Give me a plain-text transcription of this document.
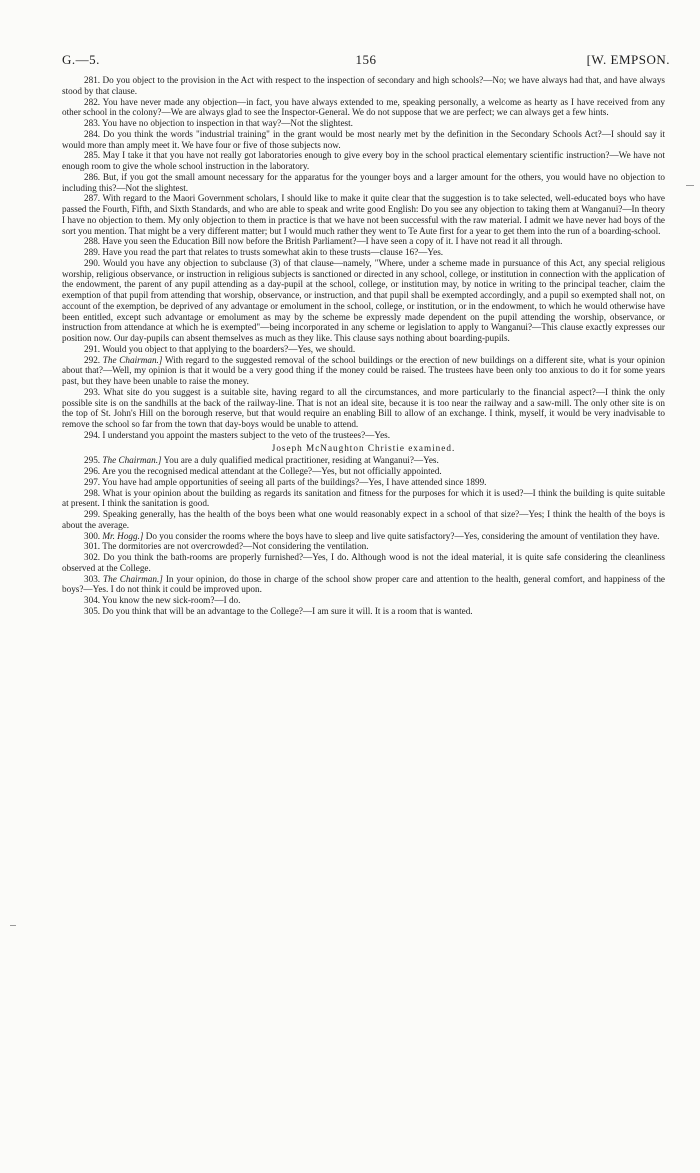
G.—5.	156	[W. EMPSON.

281. Do you object to the provision in the Act with respect to the inspection of secondary and high schools?—No; we have always had that, and have always stood by that clause.

282. You have never made any objection—in fact, you have always extended to me, speaking personally, a welcome as hearty as I have received from any other school in the colony?—We are always glad to see the Inspector-General. We do not suppose that we are perfect; we can always get a few hints.

283. You have no objection to inspection in that way?—Not the slightest.

284. Do you think the words "industrial training" in the grant would be most nearly met by the definition in the Secondary Schools Act?—I should say it would more than amply meet it. We have four or five of those subjects now.

285. May I take it that you have not really got laboratories enough to give every boy in the school practical elementary scientific instruction?—We have not enough room to give the whole school instruction in the laboratory.

286. But, if you got the small amount necessary for the apparatus for the younger boys and a larger amount for the others, you would have no objection to including this?—Not the slightest.

287. With regard to the Maori Government scholars, I should like to make it quite clear that the suggestion is to take selected, well-educated boys who have passed the Fourth, Fifth, and Sixth Standards, and who are able to speak and write good English: Do you see any objection to taking them at Wanganui?—In theory I have no objection to them. My only objection to them in practice is that we have not been successful with the raw material. I admit we have never had boys of the sort you mention. That might be a very different matter; but I would much rather they went to Te Aute first for a year to get them into the run of a boarding-school.

288. Have you seen the Education Bill now before the British Parliament?—I have seen a copy of it. I have not read it all through.

289. Have you read the part that relates to trusts somewhat akin to these trusts—clause 16?—Yes.

290. Would you have any objection to subclause (3) of that clause—namely, "Where, under a scheme made in pursuance of this Act, any special religious worship, religious observance, or instruction in religious subjects is sanctioned or directed in any school, college, or institution in connection with the application of the endowment, the parent of any pupil attending as a day-pupil at the school, college, or institution may, by notice in writing to the principal teacher, claim the exemption of that pupil from attending that worship, observance, or instruction, and that pupil shall be exempted accordingly, and a pupil so exempted shall not, on account of the exemption, be deprived of any advantage or emolument in the school, college, or institution, or in the endowment, to which he would otherwise have been entitled, except such advantage or emolument as may by the scheme be expressly made dependent on the pupil attending the worship, observance, or instruction from attendance at which he is exempted"—being incorporated in any scheme or legislation to apply to Wanganui?—This clause exactly expresses our position now. Our day-pupils can absent themselves as much as they like. This clause says nothing about boarding-pupils.

291. Would you object to that applying to the boarders?—Yes, we should.

292. The Chairman.] With regard to the suggested removal of the school buildings or the erection of new buildings on a different site, what is your opinion about that?—Well, my opinion is that it would be a very good thing if the money could be raised. The trustees have been only too anxious to do it for some years past, but they have been unable to raise the money.

293. What site do you suggest is a suitable site, having regard to all the circumstances, and more particularly to the financial aspect?—I think the only possible site is on the sandhills at the back of the railway-line. That is not an ideal site, because it is too near the railway and a saw-mill. The only other site is on the top of St. John's Hill on the borough reserve, but that would require an enabling Bill to allow of an exchange. I think, myself, it would be very inadvisable to remove the school so far from the town that day-boys would be unable to attend.

294. I understand you appoint the masters subject to the veto of the trustees?—Yes.

Joseph McNaughton Christie examined.

295. The Chairman.] You are a duly qualified medical practitioner, residing at Wanganui?—Yes.

296. Are you the recognised medical attendant at the College?—Yes, but not officially appointed.

297. You have had ample opportunities of seeing all parts of the buildings?—Yes, I have attended since 1899.

298. What is your opinion about the building as regards its sanitation and fitness for the purposes for which it is used?—I think the building is quite suitable at present. I think the sanitation is good.

299. Speaking generally, has the health of the boys been what one would reasonably expect in a school of that size?—Yes; I think the health of the boys is about the average.

300. Mr. Hogg.] Do you consider the rooms where the boys have to sleep and live quite satisfactory?—Yes, considering the amount of ventilation they have.

301. The dormitories are not overcrowded?—Not considering the ventilation.

302. Do you think the bath-rooms are properly furnished?—Yes, I do. Although wood is not the ideal material, it is quite safe considering the cleanliness observed at the College.

303. The Chairman.] In your opinion, do those in charge of the school show proper care and attention to the health, general comfort, and happiness of the boys?—Yes. I do not think it could be improved upon.

304. You know the new sick-room?—I do.

305. Do you think that will be an advantage to the College?—I am sure it will. It is a room that is wanted.
